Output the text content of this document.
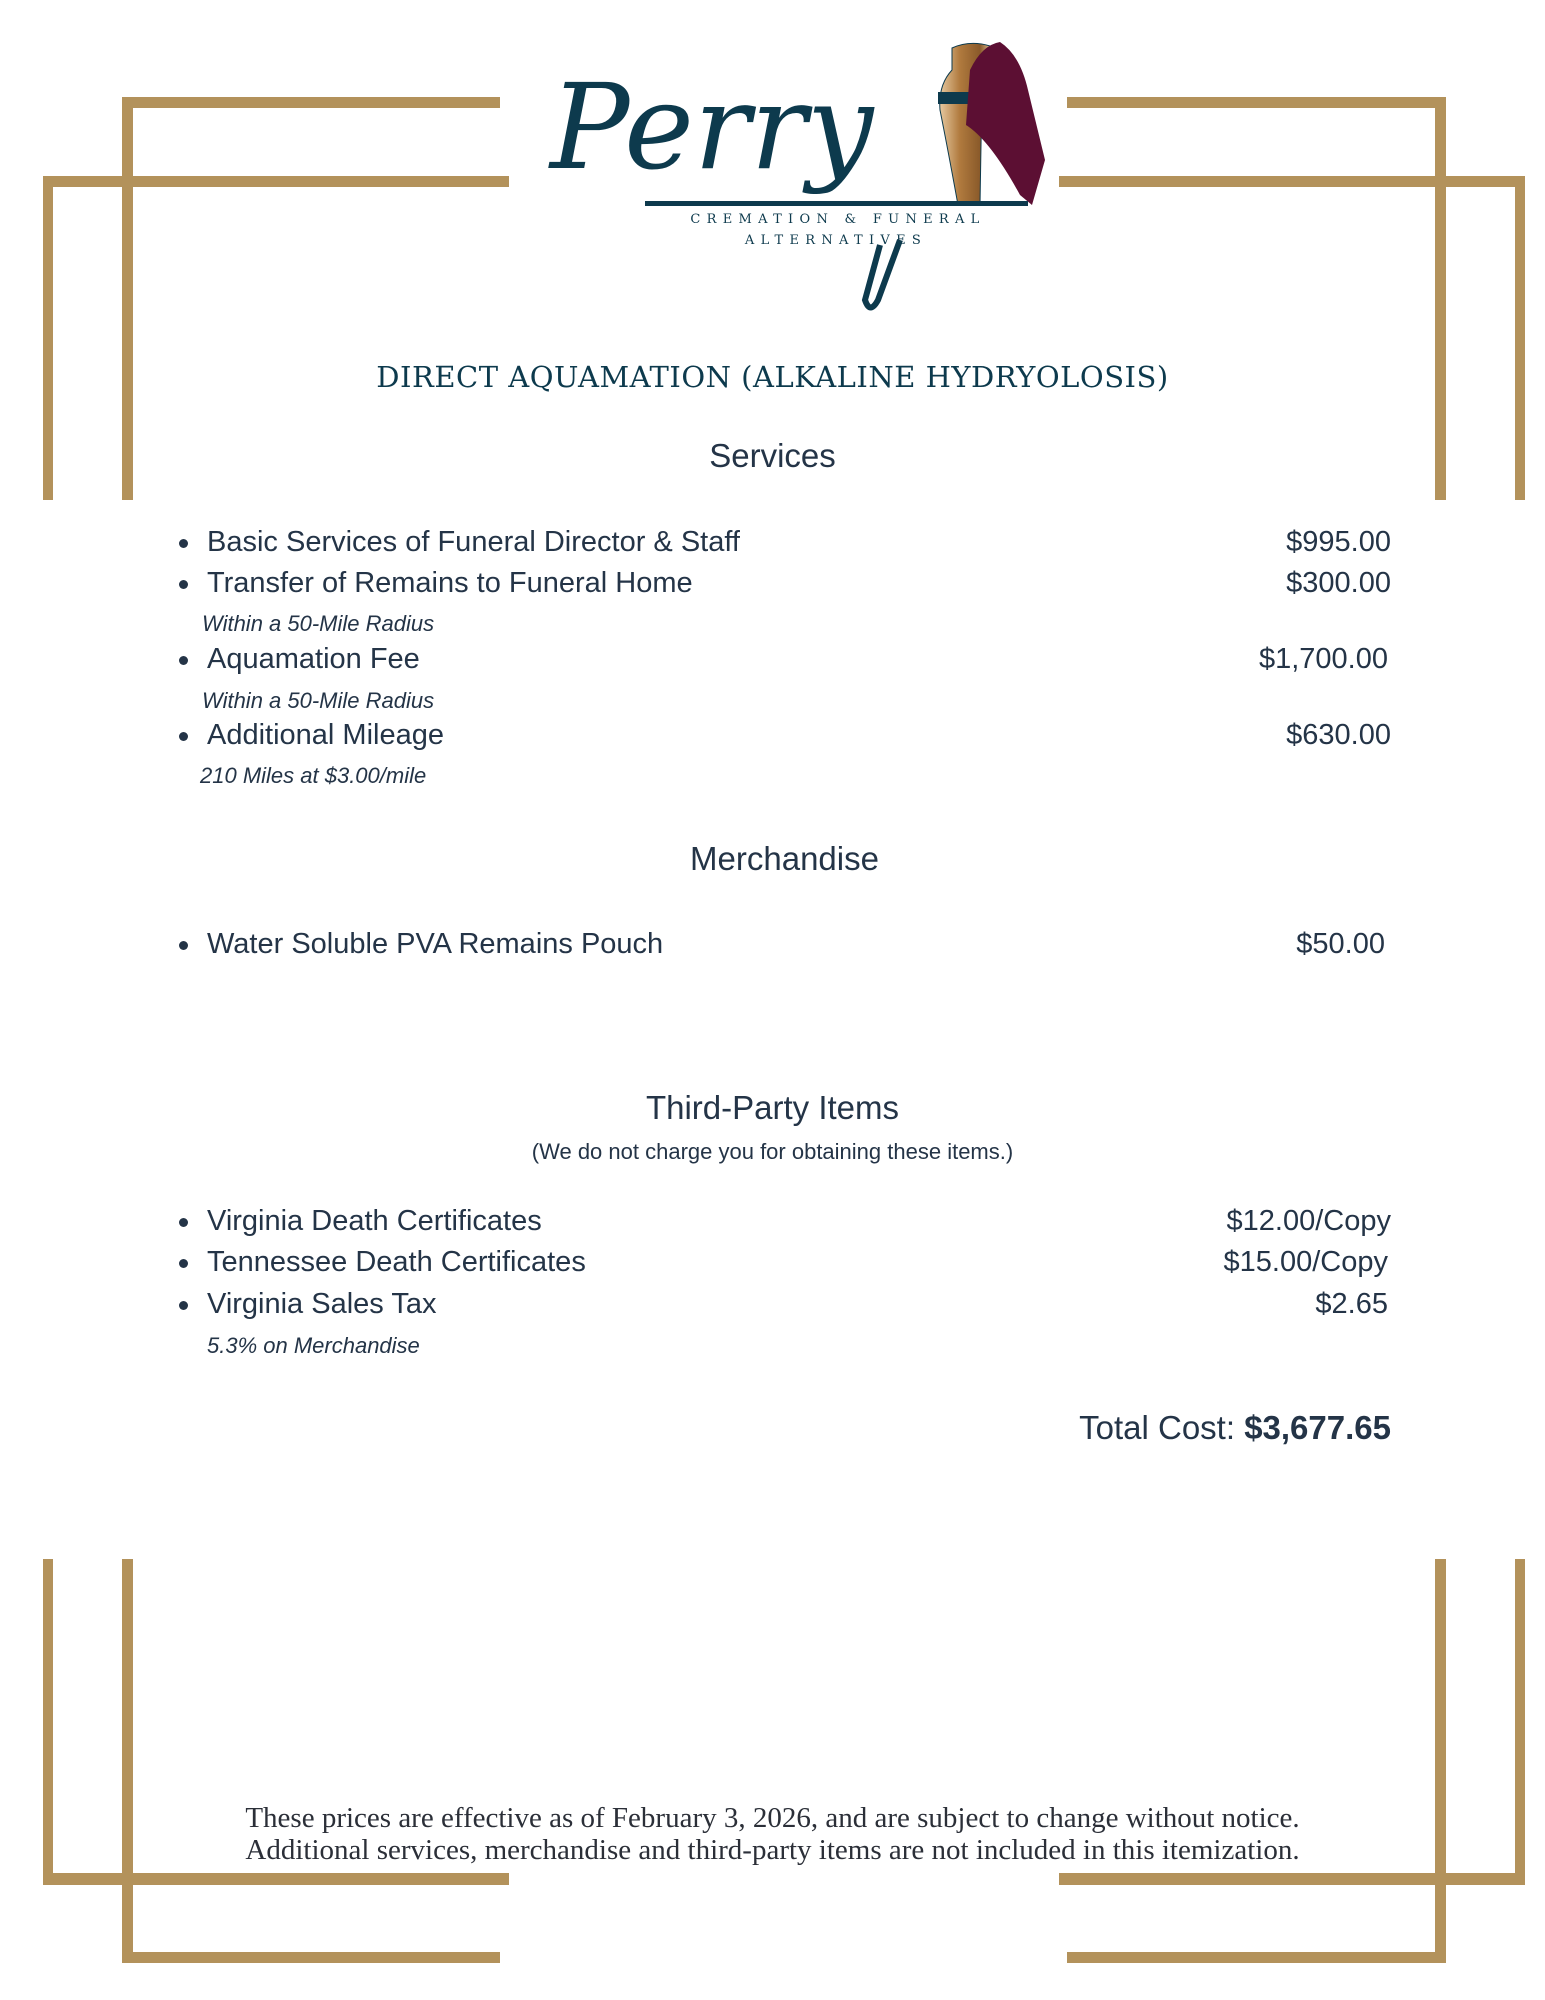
Perry
CREMATION & FUNERAL
ALTERNATIVES
DIRECT AQUAMATION (ALKALINE HYDRYOLOSIS)
Services
Basic Services of Funeral Director & Staff	$995.00
Transfer of Remains to Funeral Home	$300.00
Within a 50-Mile Radius
Aquamation Fee	$1,700.00
Within a 50-Mile Radius
Additional Mileage	$630.00
210 Miles at $3.00/mile
Merchandise
Water Soluble PVA Remains Pouch	$50.00
Third-Party Items
(We do not charge you for obtaining these items.)
Virginia Death Certificates	$12.00/Copy
Tennessee Death Certificates	$15.00/Copy
Virginia Sales Tax	$2.65
5.3% on Merchandise
Total Cost: $3,677.65
These prices are effective as of February 3, 2026, and are subject to change without notice.
Additional services, merchandise and third-party items are not included in this itemization.
